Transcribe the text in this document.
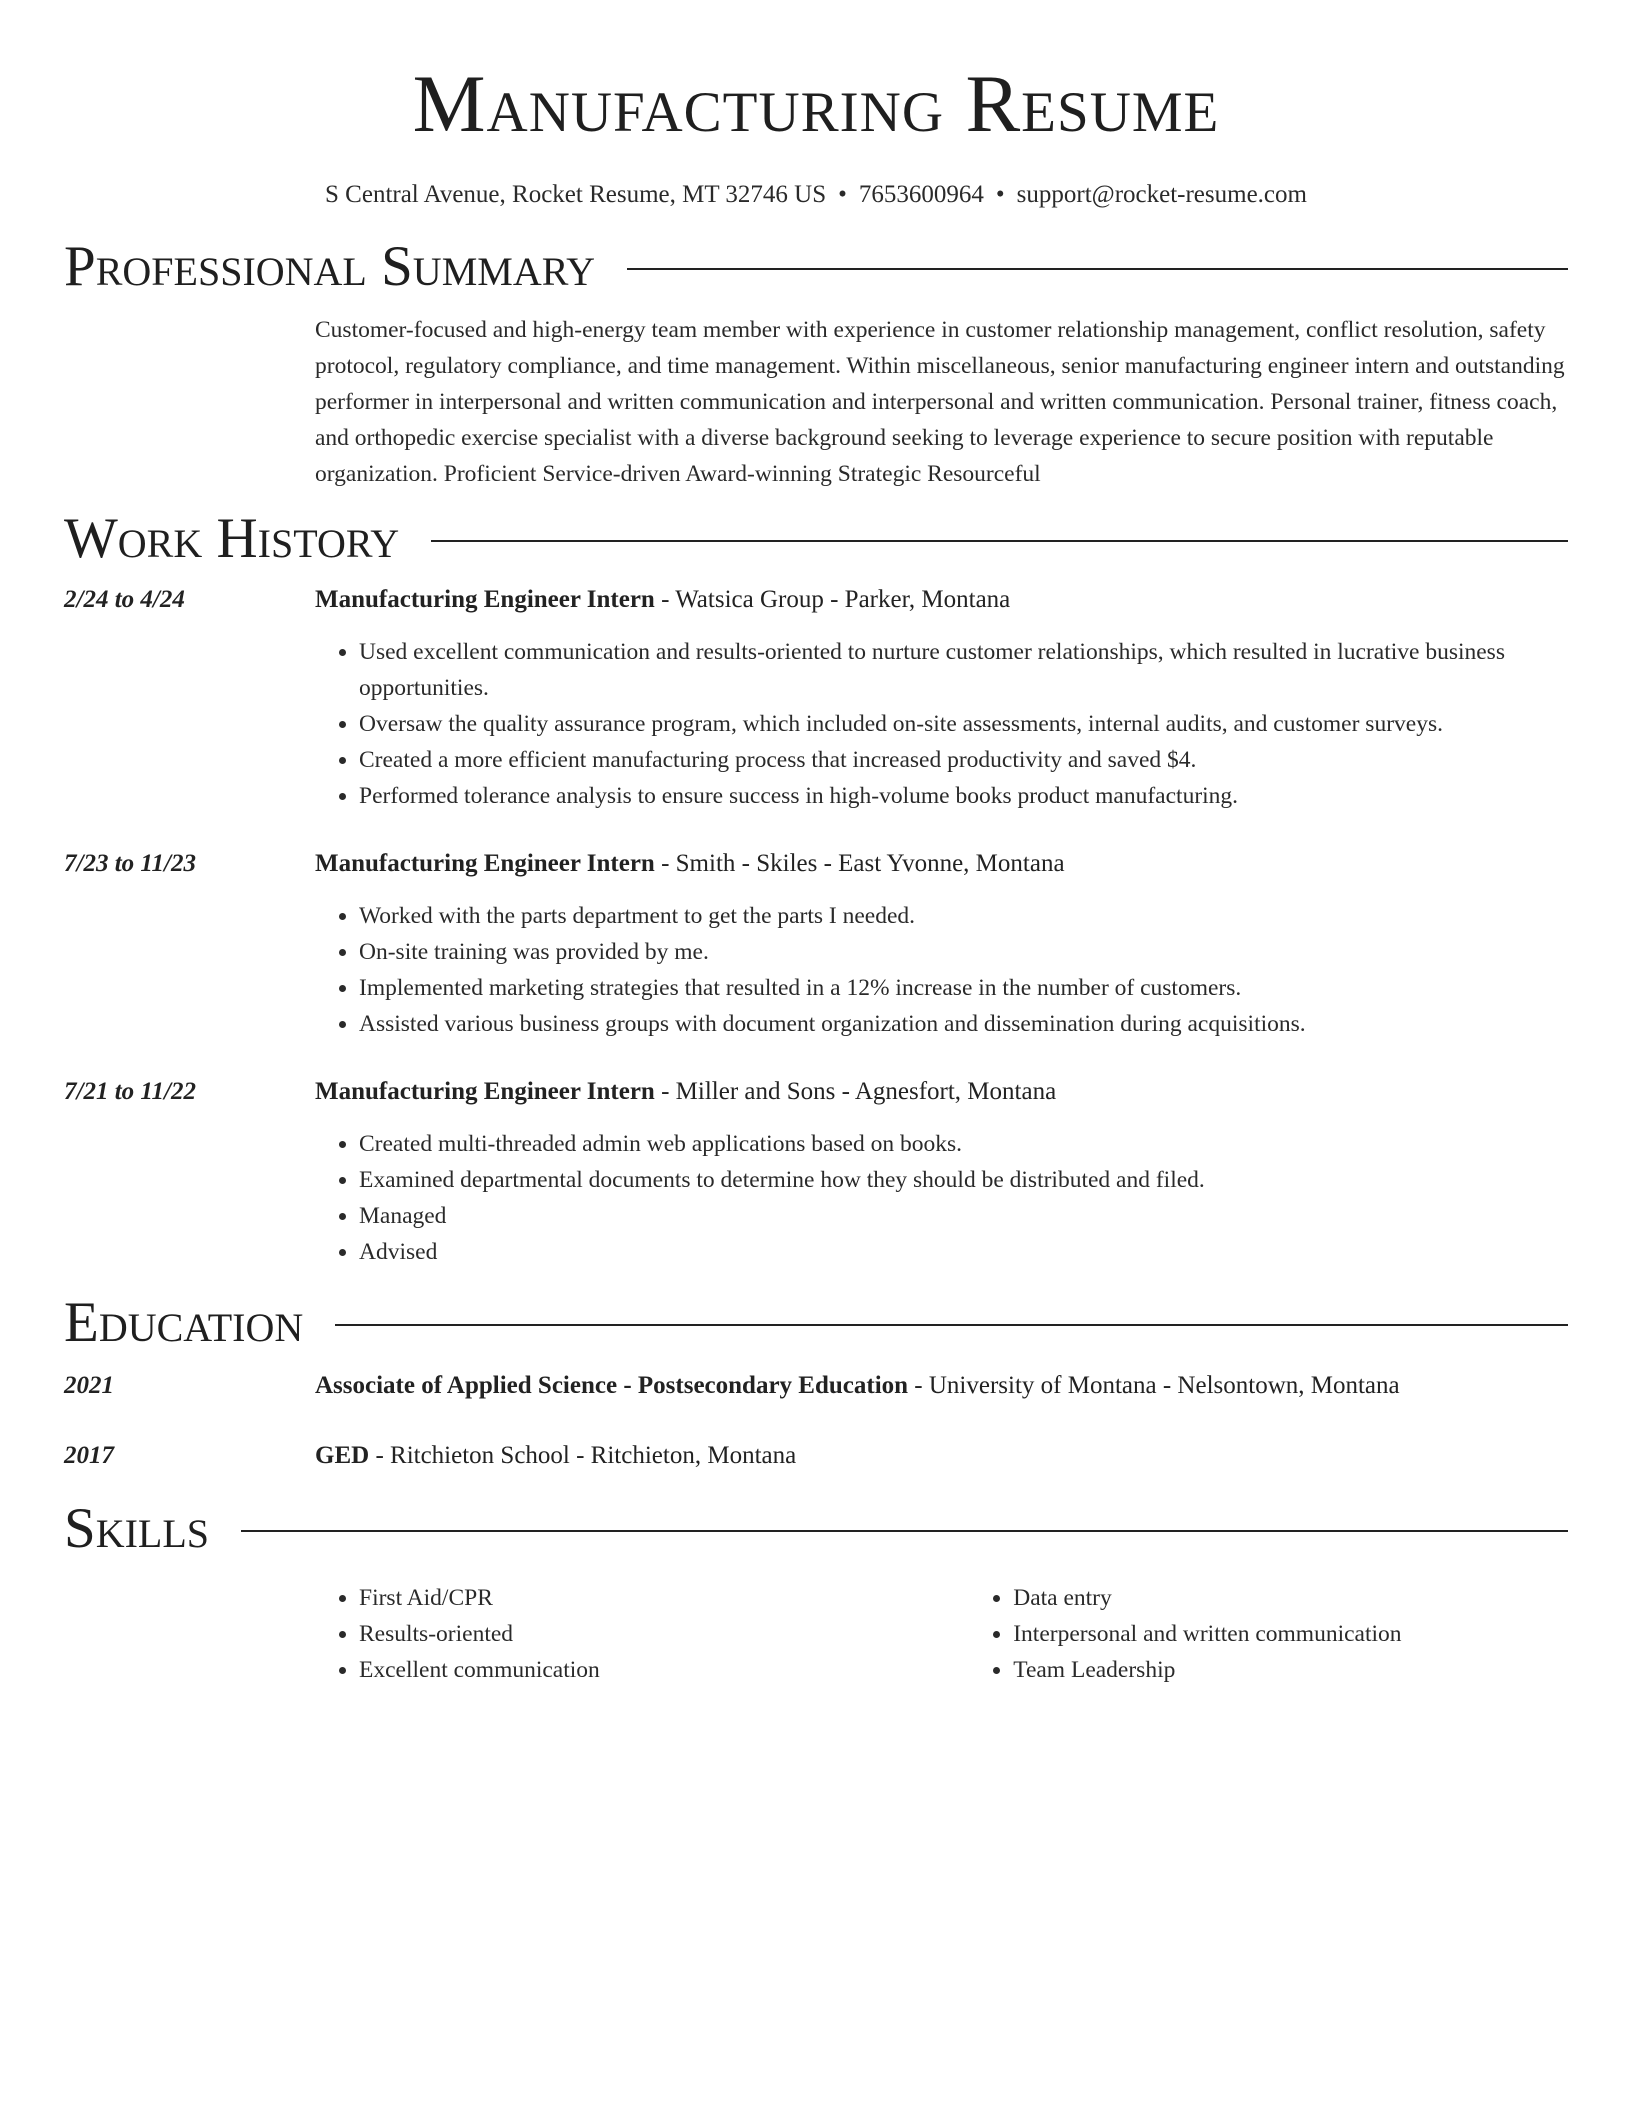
Manufacturing Resume
S Central Avenue, Rocket Resume, MT 32746 US • 7653600964 • support@rocket-resume.com
Professional Summary
Customer-focused and high-energy team member with experience in customer relationship management, conflict resolution, safety protocol, regulatory compliance, and time management. Within miscellaneous, senior manufacturing engineer intern and outstanding performer in interpersonal and written communication and interpersonal and written communication. Personal trainer, fitness coach, and orthopedic exercise specialist with a diverse background seeking to leverage experience to secure position with reputable organization. Proficient Service-driven Award-winning Strategic Resourceful
Work History
2/24 to 4/24	Manufacturing Engineer Intern - Watsica Group - Parker, Montana
• Used excellent communication and results-oriented to nurture customer relationships, which resulted in lucrative business opportunities.
• Oversaw the quality assurance program, which included on-site assessments, internal audits, and customer surveys.
• Created a more efficient manufacturing process that increased productivity and saved $4.
• Performed tolerance analysis to ensure success in high-volume books product manufacturing.
7/23 to 11/23	Manufacturing Engineer Intern - Smith - Skiles - East Yvonne, Montana
• Worked with the parts department to get the parts I needed.
• On-site training was provided by me.
• Implemented marketing strategies that resulted in a 12% increase in the number of customers.
• Assisted various business groups with document organization and dissemination during acquisitions.
7/21 to 11/22	Manufacturing Engineer Intern - Miller and Sons - Agnesfort, Montana
• Created multi-threaded admin web applications based on books.
• Examined departmental documents to determine how they should be distributed and filed.
• Managed
• Advised
Education
2021	Associate of Applied Science - Postsecondary Education - University of Montana - Nelsontown, Montana
2017	GED - Ritchieton School - Ritchieton, Montana
Skills
• First Aid/CPR
• Results-oriented
• Excellent communication
• Data entry
• Interpersonal and written communication
• Team Leadership
